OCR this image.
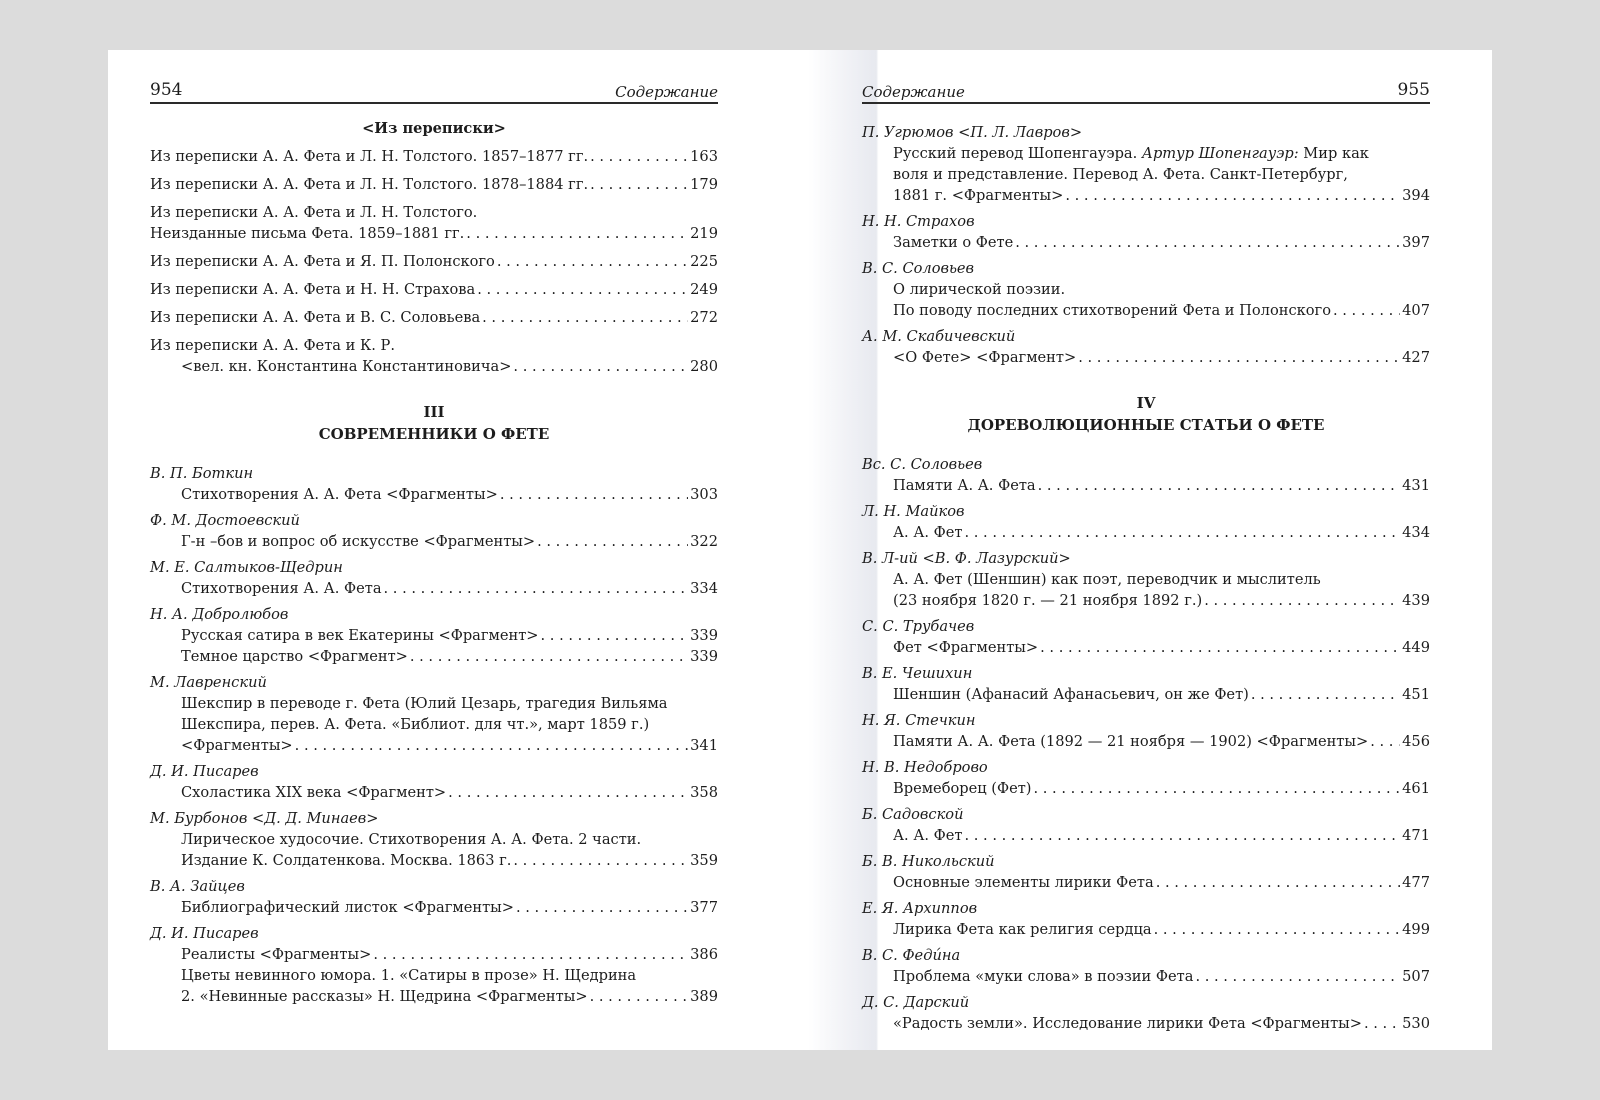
954	Содержание
<Из переписки>
Из переписки А. А. Фета и Л. Н. Толстого. 1857–1877 гг. . . .	163
Из переписки А. А. Фета и Л. Н. Толстого. 1878–1884 гг. . . .	179
Из переписки А. А. Фета и Л. Н. Толстого.
Неизданные письма Фета. 1859–1881 гг. . . .	219
Из переписки А. А. Фета и Я. П. Полонского . . .	225
Из переписки А. А. Фета и Н. Н. Страхова . . .	249
Из переписки А. А. Фета и В. С. Соловьева . . .	272
Из переписки А. А. Фета и К. Р.
<вел. кн. Константина Константиновича> . . .	280
III
СОВРЕМЕННИКИ О ФЕТЕ
В. П. Боткин
Стихотворения А. А. Фета <Фрагменты> . . .	303
Ф. М. Достоевский
Г-н –бов и вопрос об искусстве <Фрагменты> . . .	322
М. Е. Салтыков-Щедрин
Стихотворения А. А. Фета . . .	334
Н. А. Добролюбов
Русская сатира в век Екатерины <Фрагмент> . . .	339
Темное царство <Фрагмент> . . .	339
М. Лавренский
Шекспир в переводе г. Фета (Юлий Цезарь, трагедия Вильяма
Шекспира, перев. А. Фета. «Библиот. для чт.», март 1859 г.)
<Фрагменты> . . .	341
Д. И. Писарев
Схоластика XIX века <Фрагмент> . . .	358
М. Бурбонов <Д. Д. Минаев>
Лирическое худосочие. Стихотворения А. А. Фета. 2 части.
Издание К. Солдатенкова. Москва. 1863 г. . . .	359
В. А. Зайцев
Библиографический листок <Фрагменты> . . .	377
Д. И. Писарев
Реалисты <Фрагменты> . . .	386
Цветы невинного юмора. 1. «Сатиры в прозе» Н. Щедрина
2. «Невинные рассказы» Н. Щедрина <Фрагменты> . . .	389
Содержание	955
П. Угрюмов <П. Л. Лавров>
Русский перевод Шопенгауэра. Артур Шопенгауэр: Мир как
воля и представление. Перевод А. Фета. Санкт-Петербург,
1881 г. <Фрагменты> . . .	394
Н. Н. Страхов
Заметки о Фете . . .	397
В. С. Соловьев
О лирической поэзии.
По поводу последних стихотворений Фета и Полонского . . .	407
А. М. Скабичевский
<О Фете> <Фрагмент> . . .	427
IV
ДОРЕВОЛЮЦИОННЫЕ СТАТЬИ О ФЕТЕ
Вс. С. Соловьев
Памяти А. А. Фета . . .	431
Л. Н. Майков
А. А. Фет . . .	434
В. Л-ий <В. Ф. Лазурский>
А. А. Фет (Шеншин) как поэт, переводчик и мыслитель
(23 ноября 1820 г. — 21 ноября 1892 г.) . . .	439
С. С. Трубачев
Фет <Фрагменты> . . .	449
В. Е. Чешихин
Шеншин (Афанасий Афанасьевич, он же Фет) . . .	451
Н. Я. Стечкин
Памяти А. А. Фета (1892 — 21 ноября — 1902) <Фрагменты> . . . 456
Н. В. Недоброво
Времеборец (Фет) . . .	461
Б. Садовской
А. А. Фет . . .	471
Б. В. Никольский
Основные элементы лирики Фета . . .	477
Е. Я. Архиппов
Лирика Фета как религия сердца . . .	499
В. С. Федúна
Проблема «муки слова» в поэзии Фета . . .	507
Д. С. Дарский
«Радость земли». Исследование лирики Фета <Фрагменты> . . .	530
